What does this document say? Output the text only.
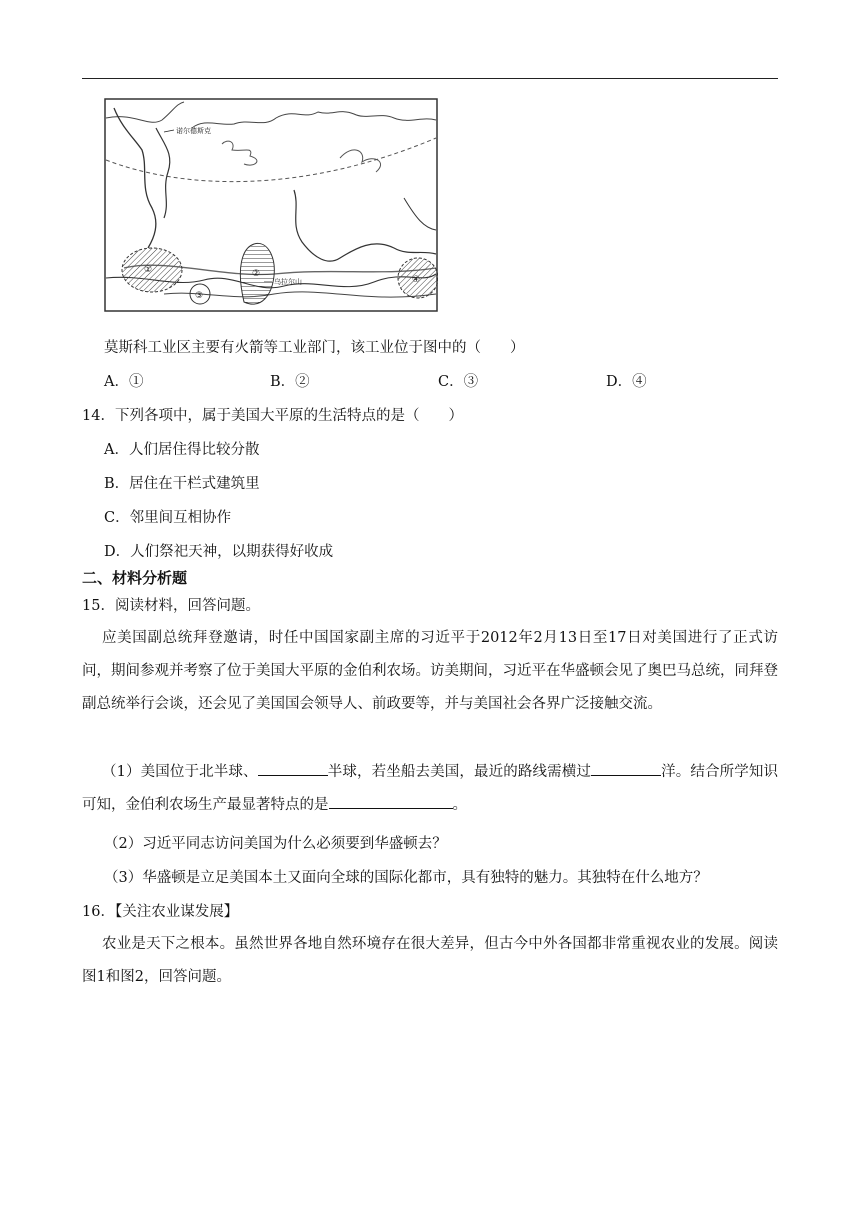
诺尔德斯克
乌拉尔山
①	②
③
④
莫斯科工业区主要有火箭等工业部门，该工业位于图中的（　　）
A．①	B．②	C．③	D．④
14．下列各项中，属于美国大平原的生活特点的是（　　）
A．人们居住得比较分散
B．居住在干栏式建筑里
C．邻里间互相协作
D．人们祭祀天神，以期获得好收成
二、材料分析题
15．阅读材料，回答问题。
应美国副总统拜登邀请，时任中国国家副主席的习近平于2012年2月13日至17日对美国进行了正式访问，期间参观并考察了位于美国大平原的金伯利农场。访美期间，习近平在华盛顿会见了奥巴马总统，同拜登副总统举行会谈，还会见了美国国会领导人、前政要等，并与美国社会各界广泛接触交流。
（1）美国位于北半球、	半球，若坐船去美国，最近的路线需横过	洋。结合所学知识可知，金伯利农场生产最显著特点的是	。
（2）习近平同志访问美国为什么必须要到华盛顿去？
（3）华盛顿是立足美国本土又面向全球的国际化都市，具有独特的魅力。其独特在什么地方？
16．【关注农业谋发展】
农业是天下之根本。虽然世界各地自然环境存在很大差异，但古今中外各国都非常重视农业的发展。阅读图1和图2，回答问题。
